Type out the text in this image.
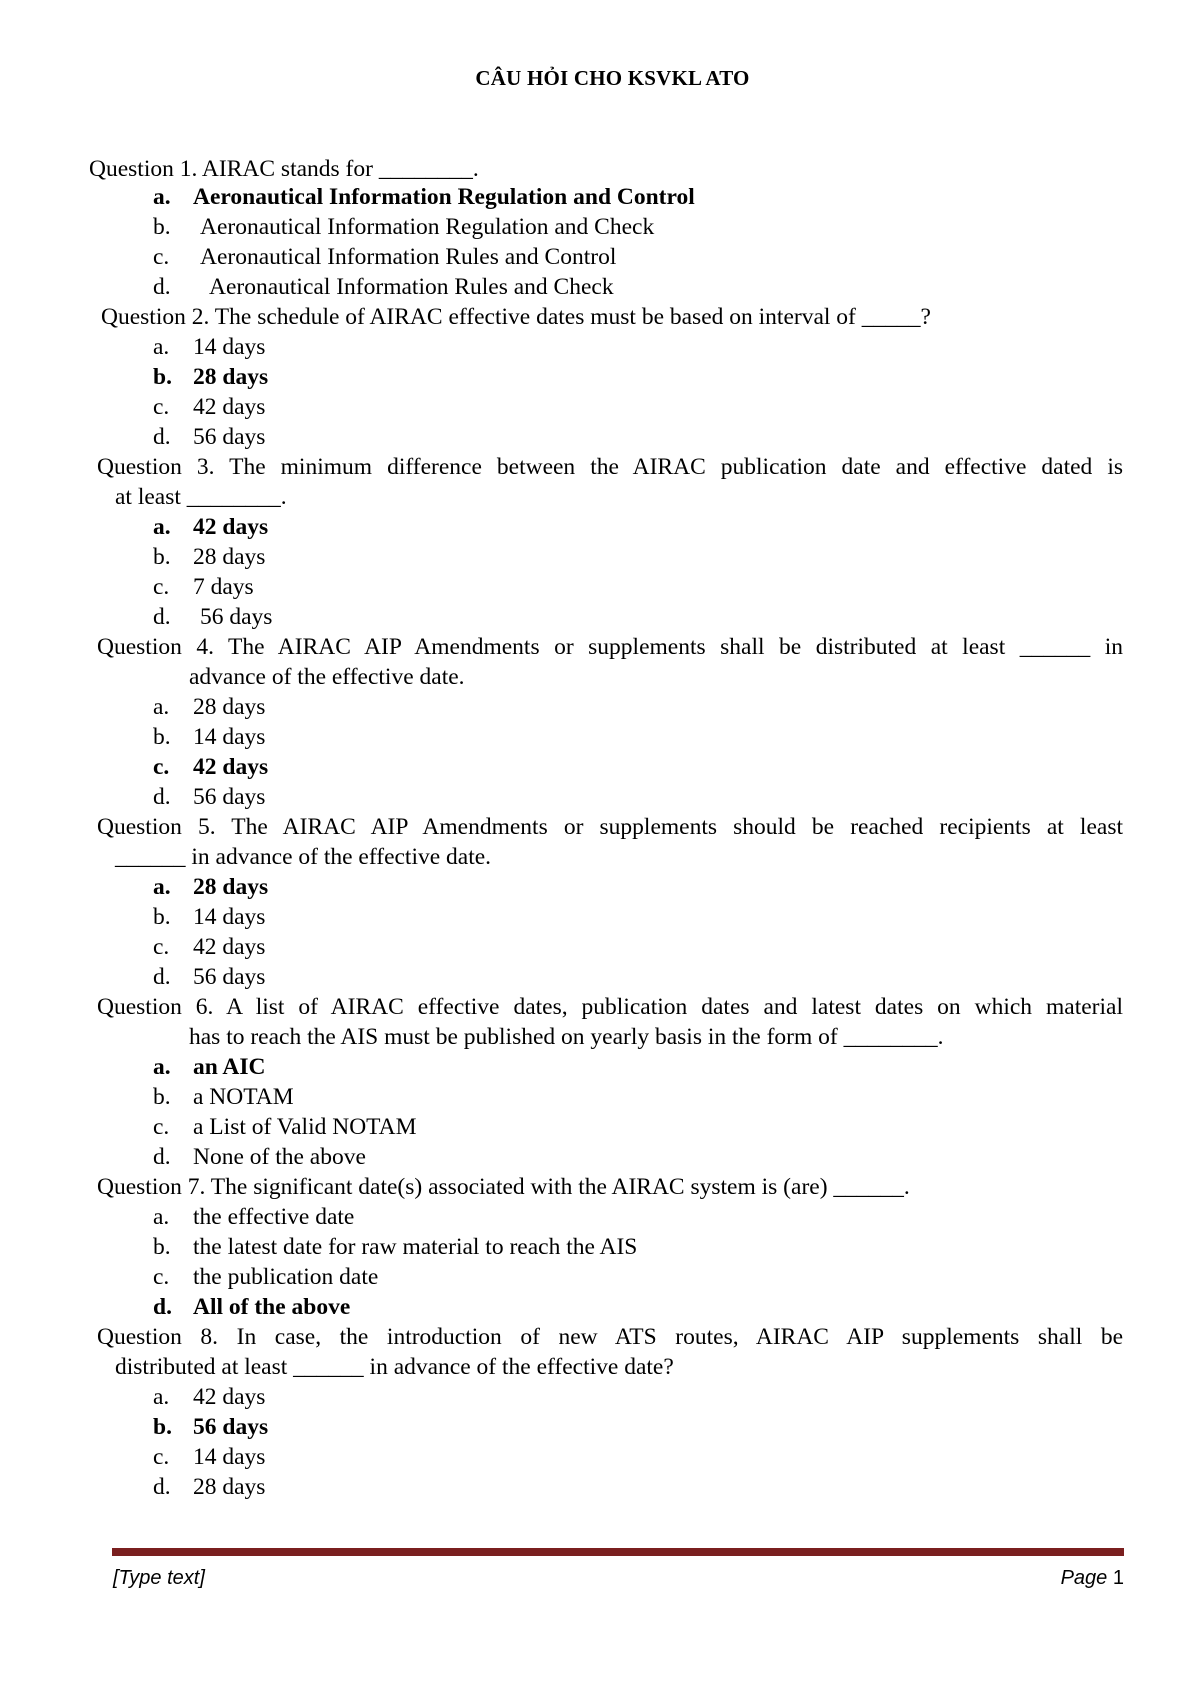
CÂU HỎI CHO KSVKL ATO
Question 1. AIRAC stands for ________.
a. Aeronautical Information Regulation and Control
b. Aeronautical Information Regulation and Check
c. Aeronautical Information Rules and Control
d. Aeronautical Information Rules and Check
Question 2. The schedule of AIRAC effective dates must be based on interval of _____?
a. 14 days
b. 28 days
c. 42 days
d. 56 days
Question 3. The minimum difference between the AIRAC publication date and effective dated is
at least ________.
a. 42 days
b. 28 days
c. 7 days
d. 56 days
Question 4. The AIRAC AIP Amendments or supplements shall be distributed at least ______ in
advance of the effective date.
a. 28 days
b. 14 days
c. 42 days
d. 56 days
Question 5. The AIRAC AIP Amendments or supplements should be reached recipients at least
______ in advance of the effective date.
a. 28 days
b. 14 days
c. 42 days
d. 56 days
Question 6. A list of AIRAC effective dates, publication dates and latest dates on which material
has to reach the AIS must be published on yearly basis in the form of ________.
a. an AIC
b. a NOTAM
c. a List of Valid NOTAM
d. None of the above
Question 7. The significant date(s) associated with the AIRAC system is (are) ______.
a. the effective date
b. the latest date for raw material to reach the AIS
c. the publication date
d. All of the above
Question 8. In case, the introduction of new ATS routes, AIRAC AIP supplements shall be
distributed at least ______ in advance of the effective date?
a. 42 days
b. 56 days
c. 14 days
d. 28 days
[Type text]	Page 1
